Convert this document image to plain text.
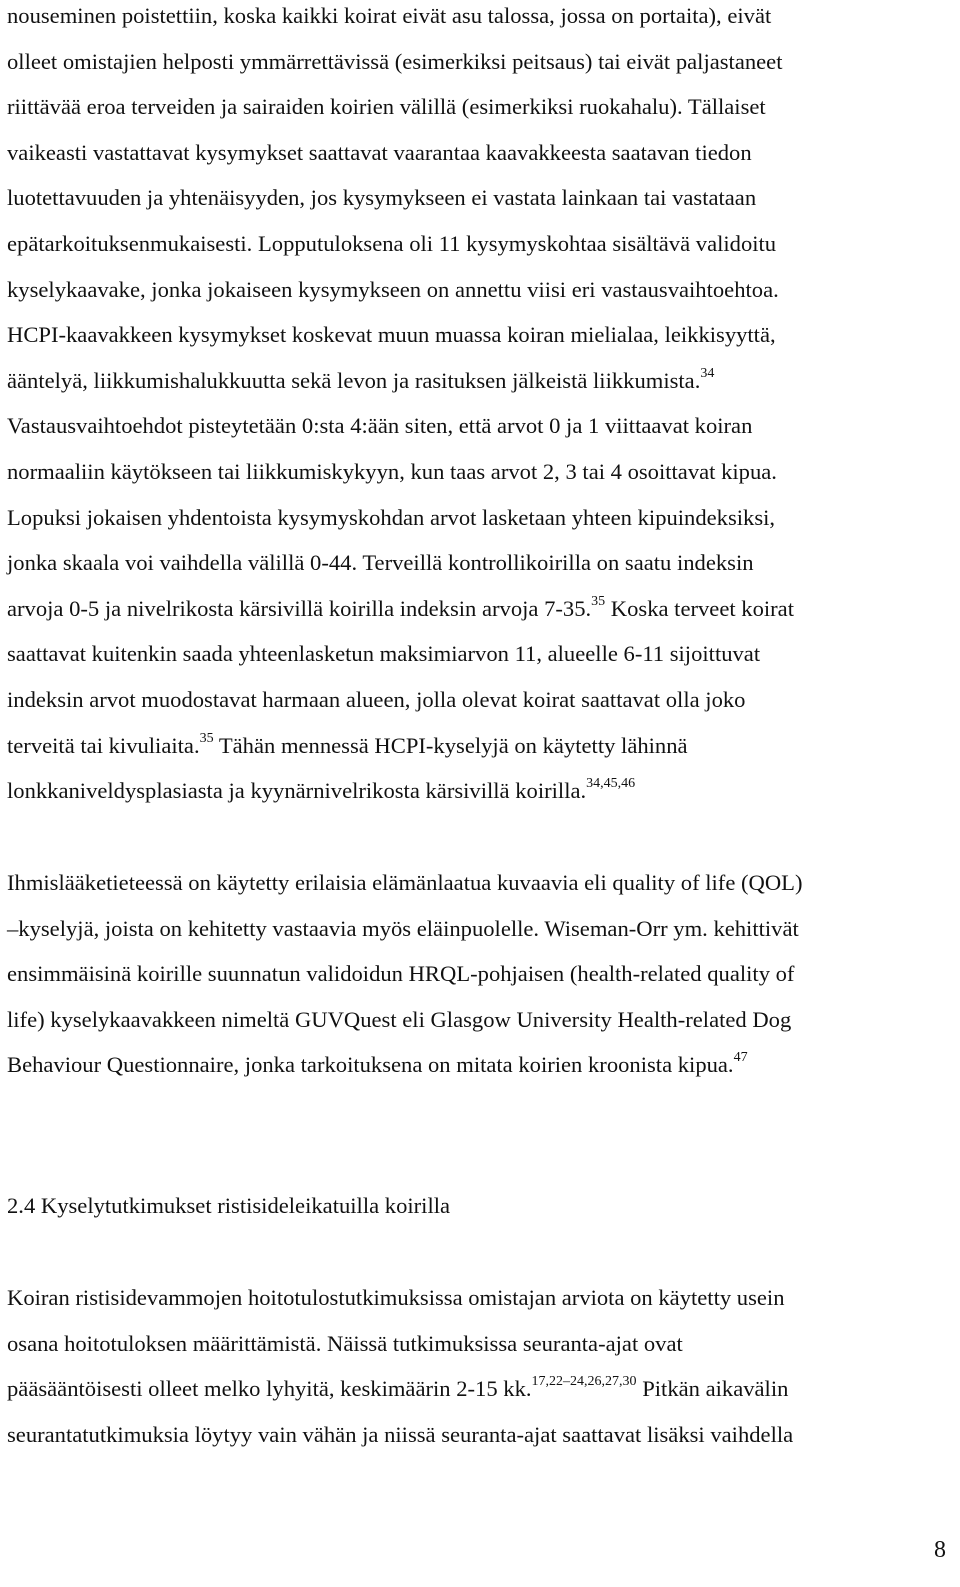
nouseminen poistettiin, koska kaikki koirat eivät asu talossa, jossa on portaita), eivät
olleet omistajien helposti ymmärrettävissä (esimerkiksi peitsaus) tai eivät paljastaneet
riittävää eroa terveiden ja sairaiden koirien välillä (esimerkiksi ruokahalu). Tällaiset
vaikeasti vastattavat kysymykset saattavat vaarantaa kaavakkeesta saatavan tiedon
luotettavuuden ja yhtenäisyyden, jos kysymykseen ei vastata lainkaan tai vastataan
epätarkoituksenmukaisesti. Lopputuloksena oli 11 kysymyskohtaa sisältävä validoitu
kyselykaavake, jonka jokaiseen kysymykseen on annettu viisi eri vastausvaihtoehtoa.
HCPI-kaavakkeen kysymykset koskevat muun muassa koiran mielialaa, leikkisyyttä,
ääntelyä, liikkumishalukkuutta sekä levon ja rasituksen jälkeistä liikkumista.$^{34}$
Vastausvaihtoehdot pisteytetään 0:sta 4:ään siten, että arvot 0 ja 1 viittaavat koiran
normaaliin käytökseen tai liikkumiskykyyn, kun taas arvot 2, 3 tai 4 osoittavat kipua.
Lopuksi jokaisen yhdentoista kysymyskohdan arvot lasketaan yhteen kipuindeksiksi,
jonka skaala voi vaihdella välillä 0-44. Terveillä kontrollikoirilla on saatu indeksin
arvoja 0-5 ja nivelrikosta kärsivillä koirilla indeksin arvoja 7-35.35 Koska terveet koirat
saattavat kuitenkin saada yhteenlasketun maksimiarvon 11, alueelle 6-11 sijoittuvat
indeksin arvot muodostavat harmaan alueen, jolla olevat koirat saattavat olla joko
terveitä tai kivuliaita.$^{35}$ Tähän mennessä HCPI-kyselyjä on käytetty lähinnä
lonkkaniveldysplasiasta ja kyynärnivelrikosta kärsivillä koirilla.$^{34,45,46}$
Ihmislääketieteessä on käytetty erilaisia elämänlaatua kuvaavia eli quality of life (QOL)
–kyselyjä, joista on kehitetty vastaavia myös eläinpuolelle. Wiseman-Orr ym. kehittivät
ensimmäisinä koirille suunnatun validoidun HRQL-pohjaisen (health-related quality of
life) kyselykaavakkeen nimeltä GUVQuest eli Glasgow University Health-related Dog
Behaviour Questionnaire, jonka tarkoituksena on mitata koirien kroonista kipua.$^{47}$
2.4 Kyselytutkimukset ristisideleikatuilla koirilla
Koiran ristisidevammojen hoitotulostutkimuksissa omistajan arviota on käytetty usein
osana hoitotuloksen määrittämistä. Näissä tutkimuksissa seuranta-ajat ovat
pääsääntöisesti olleet melko lyhyitä, keskimäärin 2-15 kk.$^{17,22-24,26,27,30}$ Pitkän aikavälin
seurantatutkimuksia löytyy vain vähän ja niissä seuranta-ajat saattavat lisäksi vaihdella
8
